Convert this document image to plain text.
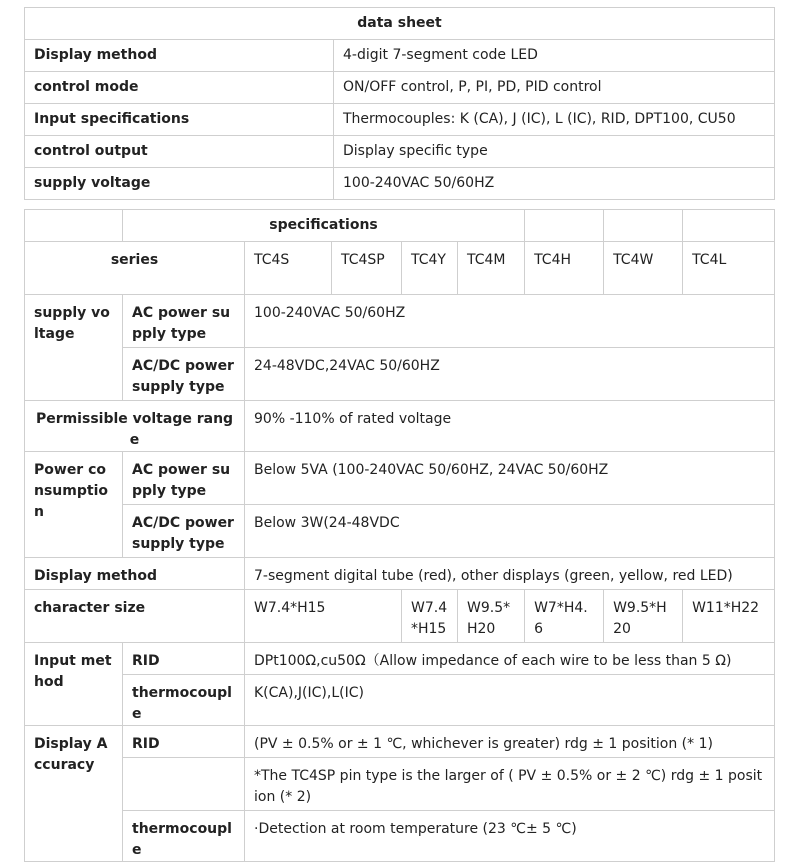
data sheet	
Display method	4-digit 7-segment code LED
control mode	ON/OFF control, P, PI, PD, PID control
Input specifications	Thermocouples: K (CA), J (IC), L (IC), RID, DPT100, CU50
control output	Display specific type
supply voltage	100-240VAC 50/60HZ
	specifications							
series		TC4S	TC4SP	TC4Y	TC4M	TC4H	TC4W	TC4L
supply voltage	AC power supply type	100-240VAC 50/60HZ						
	AC/DC power supply type	24-48VDC,24VAC 50/60HZ						
Permissible voltage range		90% -110% of rated voltage						
Power consumption	AC power supply type	Below 5VA (100-240VAC 50/60HZ, 24VAC 50/60HZ						
	AC/DC power supply type	Below 3W(24-48VDC						
Display method		7-segment digital tube (red), other displays (green, yellow, red LED)						
character size		W7.4*H15		W7.4*H15	W9.5*H20	W7*H4.6	W9.5*H20	W11*H22
Input method	RID	DPt100Ω,cu50Ω（Allow impedance of each wire to be less than 5 Ω)						
	thermocouple	K(CA),J(IC),L(IC)						
Display Accuracy	RID	(PV ± 0.5% or ± 1 ℃, whichever is greater) rdg ± 1 position (* 1)						
		*The TC4SP pin type is the larger of ( PV ± 0.5% or ± 2 ℃) rdg ± 1 position (* 2)						
	thermocouple	·Detection at room temperature (23 ℃± 5 ℃)						
